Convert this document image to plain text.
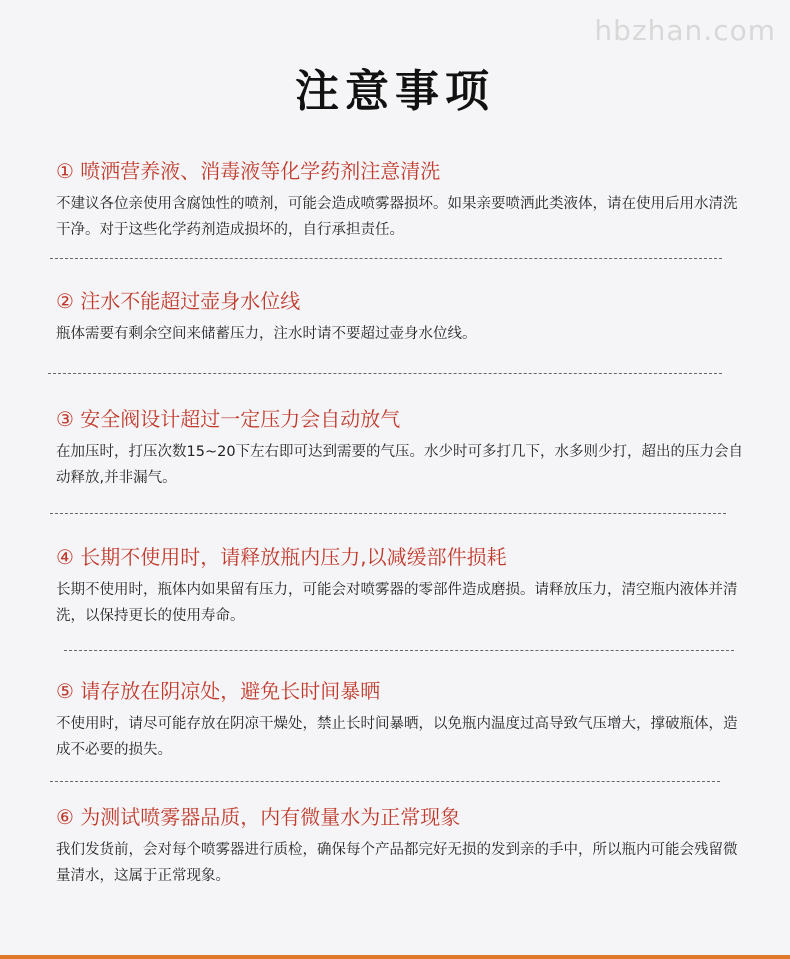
hbzhan.com
注意事项
① 喷洒营养液、消毒液等化学药剂注意清洗
不建议各位亲使用含腐蚀性的喷剂，可能会造成喷雾器损坏。如果亲要喷洒此类液体，请在使用后用水清洗干净。对于这些化学药剂造成损坏的，自行承担责任。
② 注水不能超过壶身水位线
瓶体需要有剩余空间来储蓄压力，注水时请不要超过壶身水位线。
③ 安全阀设计超过一定压力会自动放气
在加压时，打压次数15~20下左右即可达到需要的气压。水少时可多打几下，水多则少打，超出的压力会自动释放,并非漏气。
④ 长期不使用时，请释放瓶内压力,以减缓部件损耗
长期不使用时，瓶体内如果留有压力，可能会对喷雾器的零部件造成磨损。请释放压力，清空瓶内液体并清洗，以保持更长的使用寿命。
⑤ 请存放在阴凉处，避免长时间暴晒
不使用时，请尽可能存放在阴凉干燥处，禁止长时间暴晒，以免瓶内温度过高导致气压增大，撑破瓶体，造成不必要的损失。
⑥ 为测试喷雾器品质，内有微量水为正常现象
我们发货前，会对每个喷雾器进行质检，确保每个产品都完好无损的发到亲的手中，所以瓶内可能会残留微量清水，这属于正常现象。
